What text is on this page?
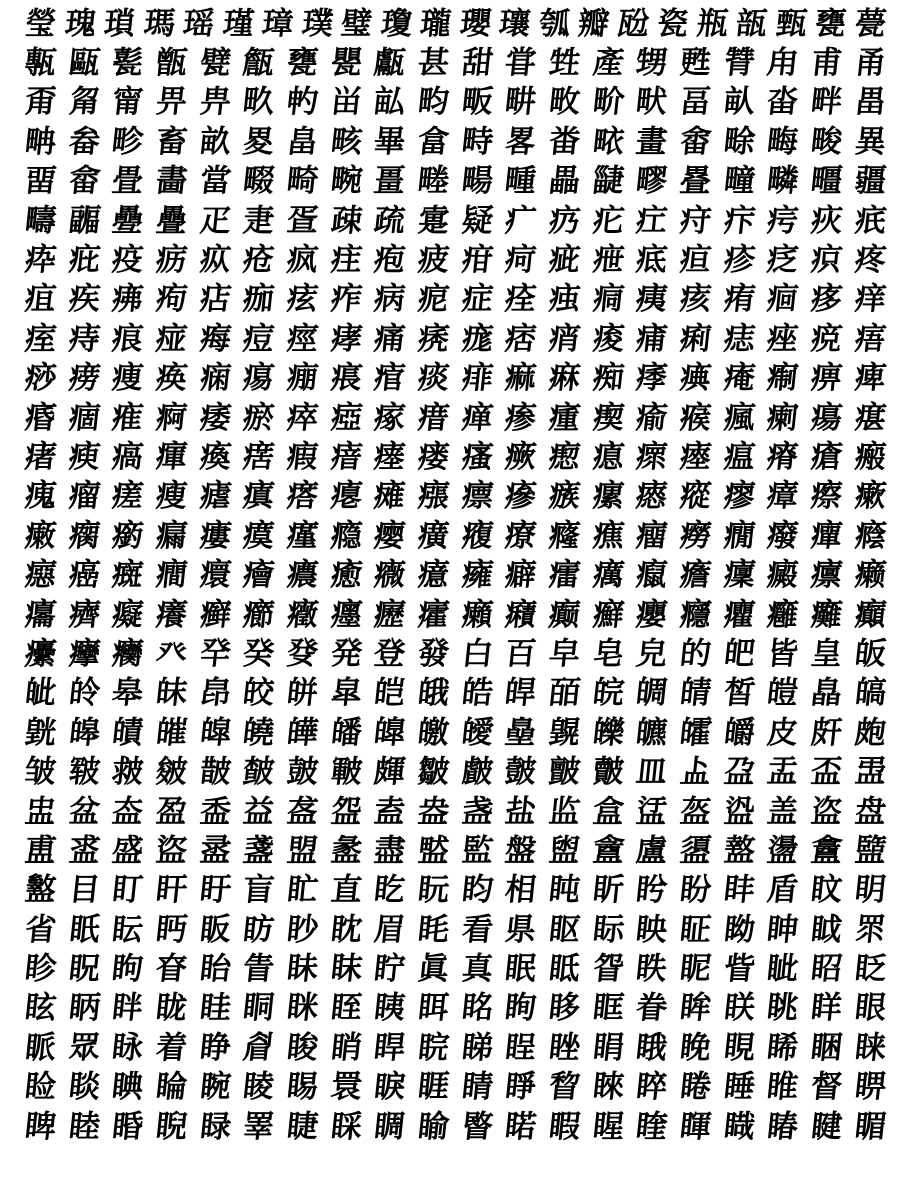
瑩 瑰 瑣 瑪 瑶 瑾 璋 璞 璧 瓊 瓏 瓔 瓖 瓠 瓣 瓰 瓷 瓶 瓿 甄 甕 甍
甎 甌 甏 甑 甓 甔 甕 甖 甗 甚 甜 甞 甡 產 甥 甦 甧 甪 甫 甬
甭 甮 甯 畀 畁 畂 畃 畄 畆 畇 畈 畊 畋 畍 畎 畐 畒 畓 畔 畕
畘 畚 畛 畜 畝 畟 畠 畡 畢 畣 畤 畧 畨 畩 畫 畬 畭 畮 畯 異
畱 畲 畳 畵 當 畷 畸 畹 畺 畻 畼 畽 畾 疀 疁 疂 疃 疄 疅 疆
疇 疈 疉 疊 疋 疌 疍 疎 疏 疐 疑 疒 疓 疕 疘 疛 疜 疞 疢 疧
疩 疪 疫 疬 疭 疮 疯 疰 疱 疲 疳 疴 疵 疶 疷 疸 疹 疺 疻 疼
疽 疾 疿 痀 痁 痂 痃 痄 病 痆 症 痊 痋 痌 痍 痎 痏 痐 痑 痒
痓 痔 痕 痖 痗 痘 痙 痚 痛 痜 痝 痞 痟 痠 痡 痢 痣 痤 痥 痦
痧 痨 痩 痪 痫 痬 痭 痮 痯 痰 痱 痲 痳 痴 痵 痶 痷 痸 痹 痺
痻 痼 痽 痾 痿 瘀 瘁 瘂 瘃 瘄 瘅 瘆 瘇 瘈 瘉 瘊 瘋 瘌 瘍 瘎
瘏 瘐 瘑 瘒 瘓 瘔 瘕 瘖 瘗 瘘 瘙 瘚 瘛 瘜 瘝 瘞 瘟 瘠 瘡 瘢
瘣 瘤 瘥 瘦 瘧 瘨 瘩 瘪 瘫 瘬 瘭 瘮 瘯 瘰 瘱 瘲 瘳 瘴 瘵 瘶
瘷 瘸 瘹 瘺 瘻 瘼 瘽 瘾 瘿 癀 癁 療 癃 癄 癅 癆 癇 癈 癉 癊
癋 癌 癍 癎 癏 癐 癑 癒 癓 癔 癕 癖 癗 癘 癙 癚 癛 癜 癝 癞
癟 癠 癡 癢 癣 癤 癥 癦 癧 癨 癩 癪 癫 癬 癭 癮 癯 癰 癱 癲
癳 癴 癵 癶 癷 癸 癹 発 登 發 白 百 皁 皂 皃 的 皅 皆 皇 皈
皉 皊 皋 皌 皍 皎 皏 皐 皑 皒 皓 皔 皕 皖 皗 皘 皙 皚 皛 皜
皝 皞 皟 皠 皡 皢 皣 皤 皥 皦 皧 皨 皩 皪 皫 皬 皭 皮 皯 皰
皱 皲 皳 皴 皵 皶 皷 皸 皹 皺 皻 皼 皽 皾 皿 盀 盁 盂 盃 盄
盅 盆 盇 盈 盉 益 盋 盌 盍 盎 盏 盐 监 盒 盓 盔 盕 盖 盗 盘
盙 盚 盛 盜 盝 盞 盟 盠 盡 盢 監 盤 盥 盦 盧 盨 盩 盪 盫 盬
盭 目 盯 盰 盱 盲 盳 直 盵 盶 盷 相 盹 盺 盻 盼 盽 盾 盿 眀
省 眂 眃 眄 眅 眆 眇 眈 眉 眊 看 県 眍 眎 眏 眐 眑 眒 眓 眔
眕 眖 眗 眘 眙 眚 眛 眜 眝 眞 真 眠 眡 眢 眣 眤 眥 眦 眧 眨
眩 眪 眫 眬 眭 眮 眯 眰 眱 眲 眳 眴 眵 眶 眷 眸 眹 眺 眻 眼
眽 眾 眿 着 睁 睂 睃 睄 睅 睆 睇 睈 睉 睊 睋 睌 睍 睎 睏 睐
睑 睒 睓 睔 睕 睖 睗 睘 睙 睚 睛 睜 睝 睞 睟 睠 睡 睢 督 睤
睥 睦 睧 睨 睩 睪 睫 睬 睭 睮 睯 睰 睱 睲 睳 睴 睵 睶 睷 睸
